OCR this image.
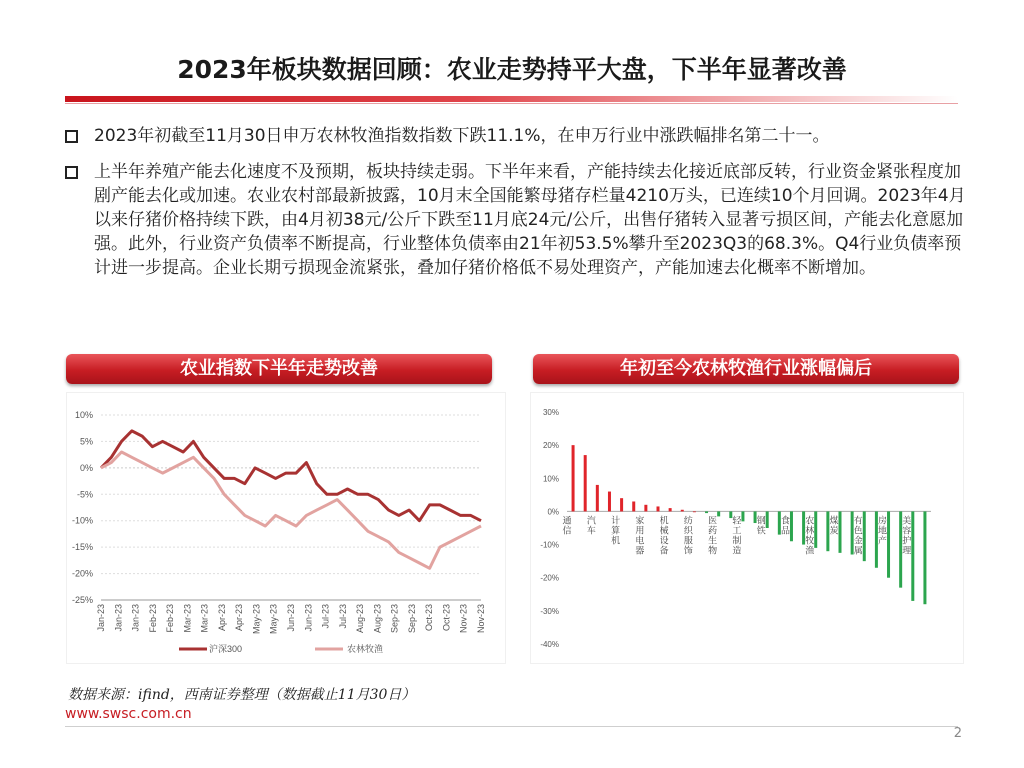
2023年板块数据回顾：农业走势持平大盘，下半年显著改善
2023年初截至11月30日申万农林牧渔指数指数下跌11.1%，在申万行业中涨跌幅排名第二十一。
上半年养殖产能去化速度不及预期，板块持续走弱。下半年来看，产能持续去化接近底部反转，行业资金紧张程度加剧产能去化或加速。农业农村部最新披露，10月末全国能繁母猪存栏量4210万头，已连续10个月回调。2023年4月以来仔猪价格持续下跌，由4月初38元/公斤下跌至11月底24元/公斤，出售仔猪转入显著亏损区间，产能去化意愿加强。此外，行业资产负债率不断提高，行业整体负债率由21年初53.5%攀升至2023Q3的68.3%。Q4行业负债率预计进一步提高。企业长期亏损现金流紧张，叠加仔猪价格低不易处理资产，产能加速去化概率不断增加。
农业指数下半年走势改善	年初至今农林牧渔行业涨幅偏后
10%
5%
0%
-5%
-10%
-15%
-20%
-25%
Jan-23 Jan-23 Jan-23 Feb-23 Feb-23 Mar-23 Mar-23 Apr-23 Apr-23 May-23 May-23 Jun-23 Jun-23 Jul-23 Jul-23 Aug-23 Aug-23 Sep-23 Sep-23 Oct-23 Oct-23 Nov-23 Nov-23
沪深300	农林牧渔
30%
20%
10%
0%
-10%
-20%
-30%
-40%
通
信
汽
车
计
算
机
家
用
电
器
机
械
设
备
纺
织
服
饰
医
药
生
物
轻
工
制
造
钢
铁
食
品
农
林
牧
渔
煤
炭
有
色
金
属
房
地
产
美
容
护
理
数据来源：ifind，西南证券整理（数据截止11月30日）
www.swsc.com.cn
2
